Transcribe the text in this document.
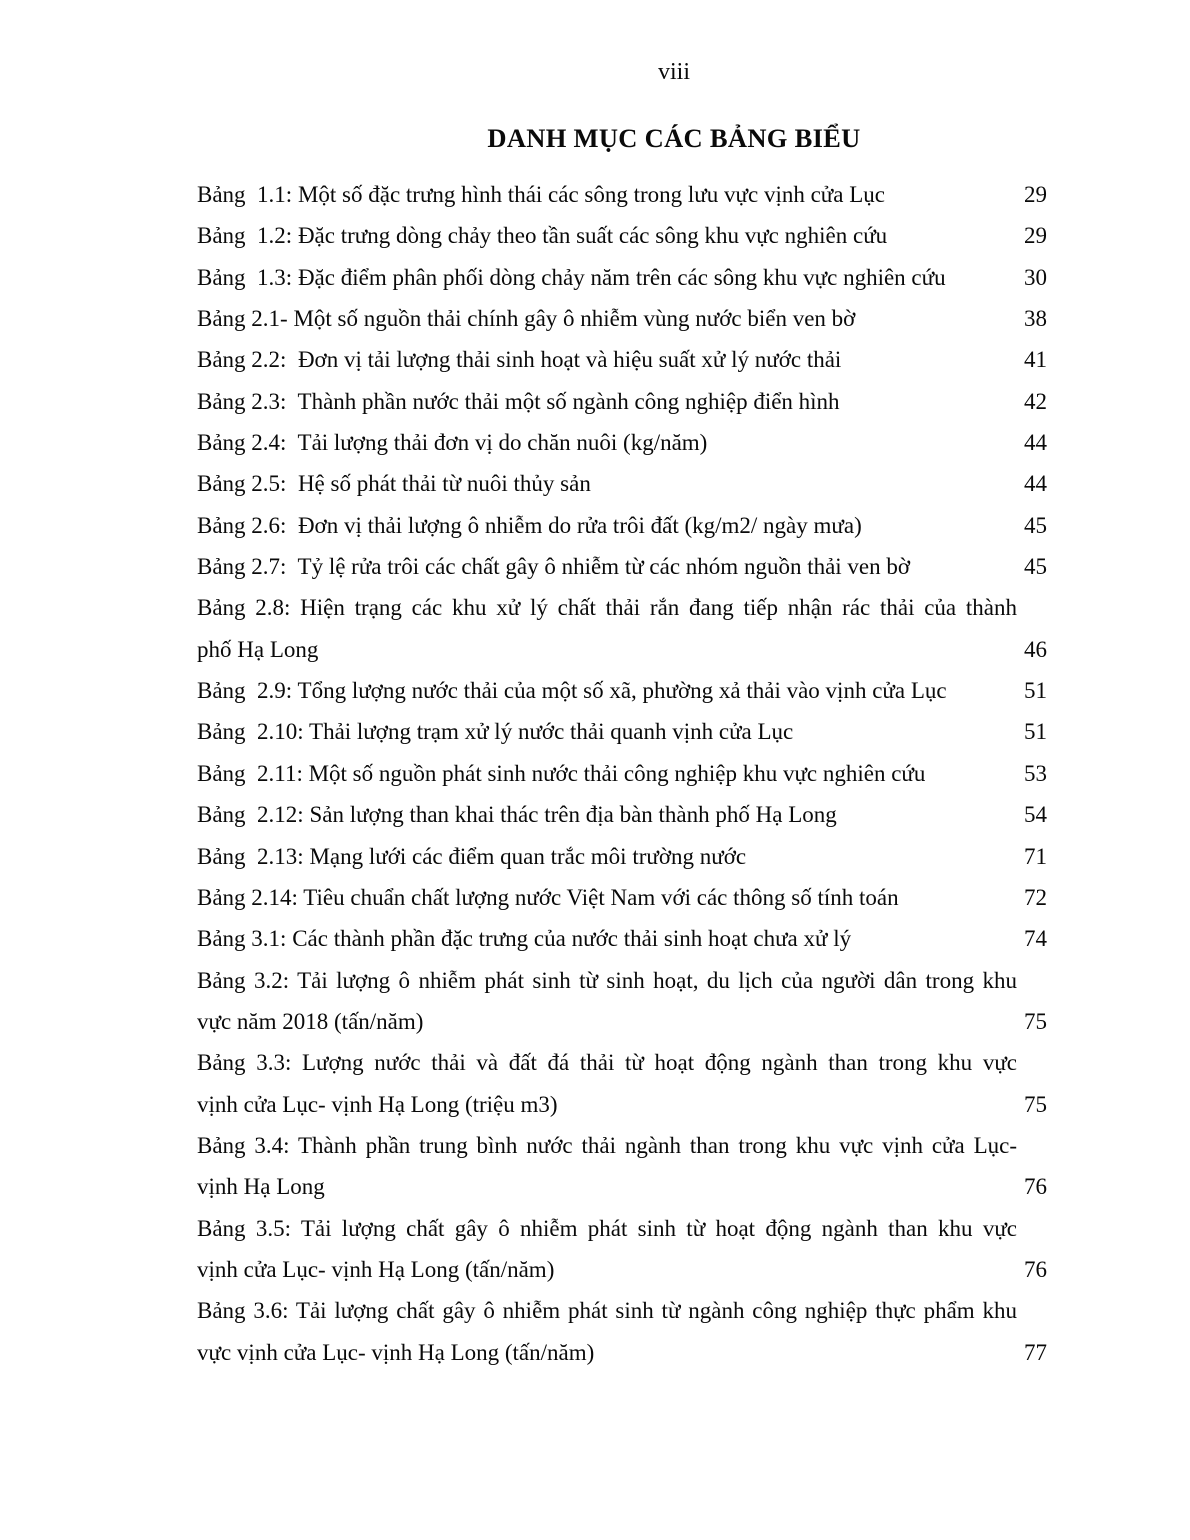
viii
DANH MỤC CÁC BẢNG BIỂU
Bảng  1.1: Một số đặc trưng hình thái các sông trong lưu vực vịnh cửa Lục	29
Bảng  1.2: Đặc trưng dòng chảy theo tần suất các sông khu vực nghiên cứu	29
Bảng  1.3: Đặc điểm phân phối dòng chảy năm trên các sông khu vực nghiên cứu	30
Bảng 2.1- Một số nguồn thải chính gây ô nhiễm vùng nước biển ven bờ	38
Bảng 2.2:  Đơn vị tải lượng thải sinh hoạt và hiệu suất xử lý nước thải	41
Bảng 2.3:  Thành phần nước thải một số ngành công nghiệp điển hình	42
Bảng 2.4:  Tải lượng thải đơn vị do chăn nuôi (kg/năm)	44
Bảng 2.5:  Hệ số phát thải từ nuôi thủy sản	44
Bảng 2.6:  Đơn vị thải lượng ô nhiễm do rửa trôi đất (kg/m2/ ngày mưa)	45
Bảng 2.7:  Tỷ lệ rửa trôi các chất gây ô nhiễm từ các nhóm nguồn thải ven bờ	45
Bảng 2.8: Hiện trạng các khu xử lý chất thải rắn đang tiếp nhận rác thải của thành
phố Hạ Long	46
Bảng  2.9: Tổng lượng nước thải của một số xã, phường xả thải vào vịnh cửa Lục	51
Bảng  2.10: Thải lượng trạm xử lý nước thải quanh vịnh cửa Lục	51
Bảng  2.11: Một số nguồn phát sinh nước thải công nghiệp khu vực nghiên cứu	53
Bảng  2.12: Sản lượng than khai thác trên địa bàn thành phố Hạ Long	54
Bảng  2.13: Mạng lưới các điểm quan trắc môi trường nước	71
Bảng 2.14: Tiêu chuẩn chất lượng nước Việt Nam với các thông số tính toán	72
Bảng 3.1: Các thành phần đặc trưng của nước thải sinh hoạt chưa xử lý	74
Bảng 3.2: Tải lượng ô nhiễm phát sinh từ sinh hoạt, du lịch của người dân trong khu
vực năm 2018 (tấn/năm)	75
Bảng 3.3: Lượng nước thải và đất đá thải từ hoạt động ngành than trong khu vực
vịnh cửa Lục- vịnh Hạ Long (triệu m3)	75
Bảng 3.4: Thành phần trung bình nước thải ngành than trong khu vực vịnh cửa Lục-
vịnh Hạ Long	76
Bảng 3.5: Tải lượng chất gây ô nhiễm phát sinh từ hoạt động ngành than khu vực
vịnh cửa Lục- vịnh Hạ Long (tấn/năm)	76
Bảng 3.6: Tải lượng chất gây ô nhiễm phát sinh từ ngành công nghiệp thực phẩm khu
vực vịnh cửa Lục- vịnh Hạ Long (tấn/năm)	77
